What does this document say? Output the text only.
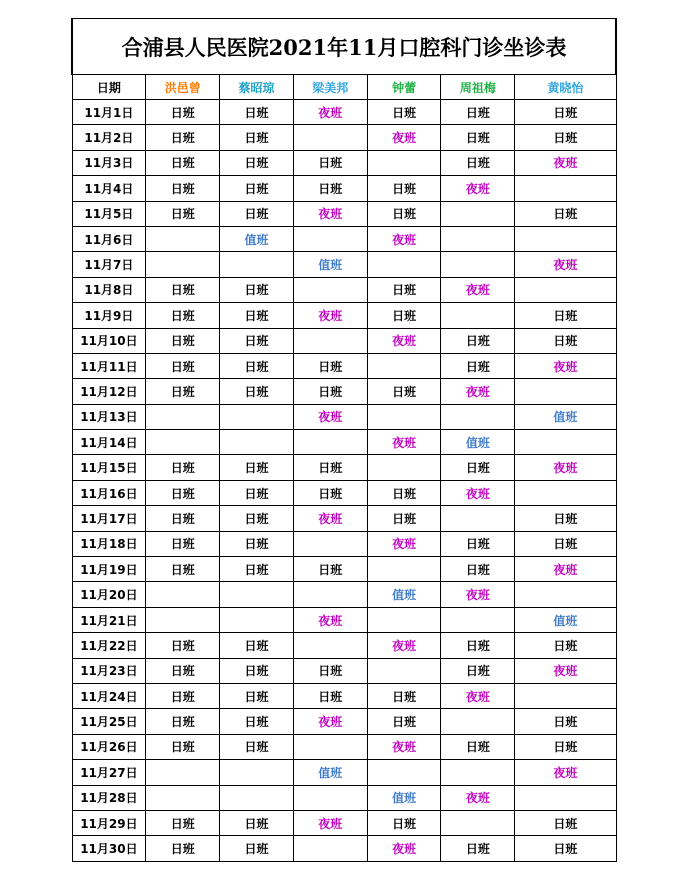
合浦县人民医院2021年11月口腔科门诊坐诊表						
日期	洪邑曾	蔡昭琼	梁美邦	钟蕾	周祖梅	黄晓怡
11月1日	日班	日班	夜班	日班	日班	日班
11月2日	日班	日班		夜班	日班	日班
11月3日	日班	日班	日班		日班	夜班
11月4日	日班	日班	日班	日班	夜班	
11月5日	日班	日班	夜班	日班		日班
11月6日		值班		夜班		
11月7日			值班			夜班
11月8日	日班	日班		日班	夜班	
11月9日	日班	日班	夜班	日班		日班
11月10日	日班	日班		夜班	日班	日班
11月11日	日班	日班	日班		日班	夜班
11月12日	日班	日班	日班	日班	夜班	
11月13日			夜班			值班
11月14日				夜班	值班	
11月15日	日班	日班	日班		日班	夜班
11月16日	日班	日班	日班	日班	夜班	
11月17日	日班	日班	夜班	日班		日班
11月18日	日班	日班		夜班	日班	日班
11月19日	日班	日班	日班		日班	夜班
11月20日				值班	夜班	
11月21日			夜班			值班
11月22日	日班	日班		夜班	日班	日班
11月23日	日班	日班	日班		日班	夜班
11月24日	日班	日班	日班	日班	夜班	
11月25日	日班	日班	夜班	日班		日班
11月26日	日班	日班		夜班	日班	日班
11月27日			值班			夜班
11月28日				值班	夜班	
11月29日	日班	日班	夜班	日班		日班
11月30日	日班	日班		夜班	日班	日班
